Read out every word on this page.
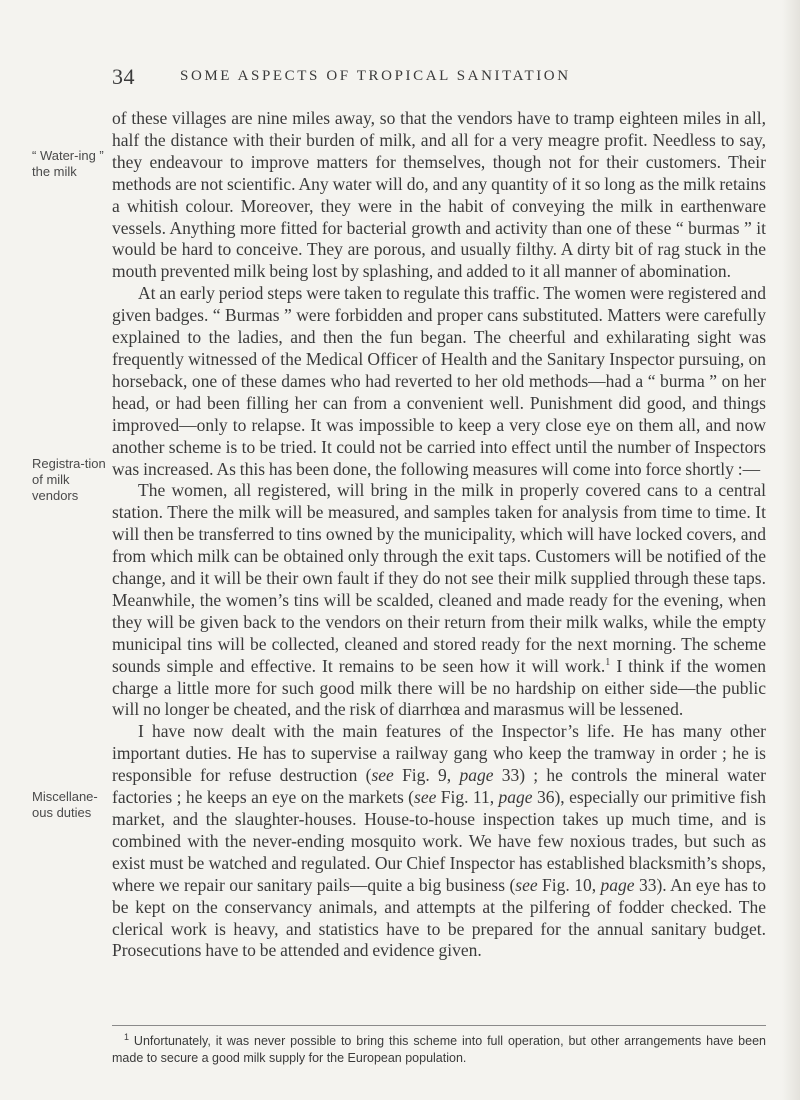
34	SOME ASPECTS OF TROPICAL SANITATION
“ Water-ing ” the milk
Registra-tion of milk vendors
Miscellane-ous duties

of these villages are nine miles away, so that the vendors have to tramp eighteen miles in all, half the distance with their burden of milk, and all for a very meagre profit. Needless to say, they endeavour to improve matters for themselves, though not for their customers. Their methods are not scientific. Any water will do, and any quantity of it so long as the milk retains a whitish colour. Moreover, they were in the habit of conveying the milk in earthenware vessels. Anything more fitted for bacterial growth and activity than one of these “ burmas ” it would be hard to conceive. They are porous, and usually filthy. A dirty bit of rag stuck in the mouth prevented milk being lost by splashing, and added to it all manner of abomination.

At an early period steps were taken to regulate this traffic. The women were registered and given badges. “ Burmas ” were forbidden and proper cans substituted. Matters were carefully explained to the ladies, and then the fun began. The cheerful and exhilarating sight was frequently witnessed of the Medical Officer of Health and the Sanitary Inspector pursuing, on horseback, one of these dames who had reverted to her old methods—had a “ burma ” on her head, or had been filling her can from a convenient well. Punishment did good, and things improved—only to relapse. It was impossible to keep a very close eye on them all, and now another scheme is to be tried. It could not be carried into effect until the number of Inspectors was increased. As this has been done, the following measures will come into force shortly :—

The women, all registered, will bring in the milk in properly covered cans to a central station. There the milk will be measured, and samples taken for analysis from time to time. It will then be transferred to tins owned by the municipality, which will have locked covers, and from which milk can be obtained only through the exit taps. Customers will be notified of the change, and it will be their own fault if they do not see their milk supplied through these taps. Meanwhile, the women’s tins will be scalded, cleaned and made ready for the evening, when they will be given back to the vendors on their return from their milk walks, while the empty municipal tins will be collected, cleaned and stored ready for the next morning. The scheme sounds simple and effective. It remains to be seen how it will work.$^1$ I think if the women charge a little more for such good milk there will be no hardship on either side—the public will no longer be cheated, and the risk of diarrhœa and marasmus will be lessened.

I have now dealt with the main features of the Inspector’s life. He has many other important duties. He has to supervise a railway gang who keep the tramway in order ; he is responsible for refuse destruction (see Fig. 9, page 33) ; he controls the mineral water factories ; he keeps an eye on the markets (see Fig. 11, page 36), especially our primitive fish market, and the slaughter-houses. House-to-house inspection takes up much time, and is combined with the never-ending mosquito work. We have few noxious trades, but such as exist must be watched and regulated. Our Chief Inspector has established blacksmith’s shops, where we repair our sanitary pails—quite a big business (see Fig. 10, page 33). An eye has to be kept on the conservancy animals, and attempts at the pilfering of fodder checked. The clerical work is heavy, and statistics have to be prepared for the annual sanitary budget. Prosecutions have to be attended and evidence given.

$^1$ Unfortunately, it was never possible to bring this scheme into full operation, but other arrangements have been made to secure a good milk supply for the European population.
